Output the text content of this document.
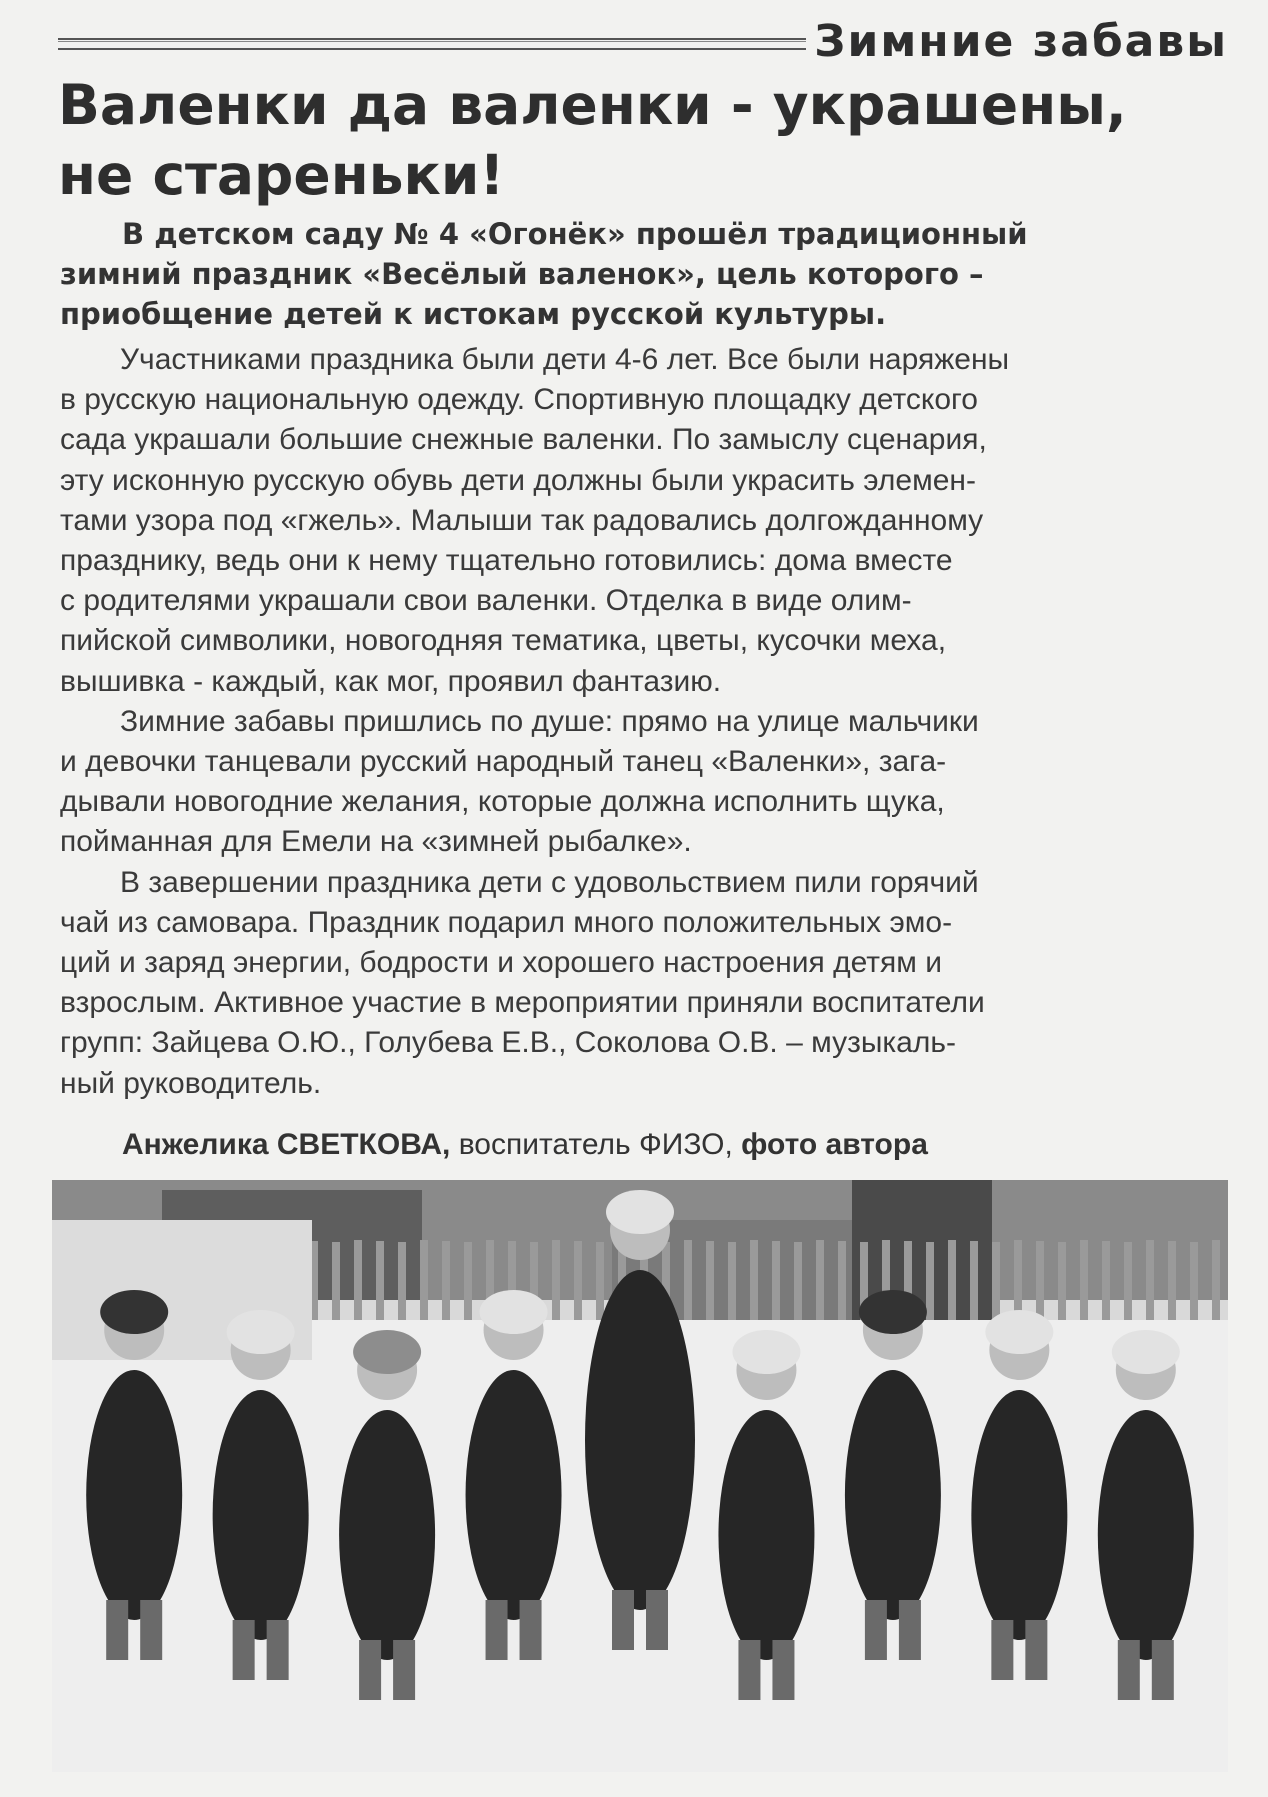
Зимние забавы
Валенки да валенки - украшены,
не стареньки!

В детском саду № 4 «Огонёк» прошёл традиционный
зимний праздник «Весёлый валенок», цель которого –
приобщение детей к истокам русской культуры.

Участниками праздника были дети 4-6 лет. Все были наряжены
в русскую национальную одежду. Спортивную площадку детского
сада украшали большие снежные валенки. По замыслу сценария,
эту исконную русскую обувь дети должны были украсить элемен-
тами узора под «гжель». Малыши так радовались долгожданному
празднику, ведь они к нему тщательно готовились: дома вместе
с родителями украшали свои валенки. Отделка в виде олим-
пийской символики, новогодняя тематика, цветы, кусочки меха,
вышивка - каждый, как мог, проявил фантазию.

Зимние забавы пришлись по душе: прямо на улице мальчики
и девочки танцевали русский народный танец «Валенки», зага-
дывали новогодние желания, которые должна исполнить щука,
пойманная для Емели на «зимней рыбалке».

В завершении праздника дети с удовольствием пили горячий
чай из самовара. Праздник подарил много положительных эмо-
ций и заряд энергии, бодрости и хорошего настроения детям и
взрослым. Активное участие в мероприятии приняли воспитатели
групп: Зайцева О.Ю., Голубева Е.В., Соколова О.В. – музыкаль-
ный руководитель.

Анжелика СВЕТКОВА, воспитатель ФИЗО, фото автора
